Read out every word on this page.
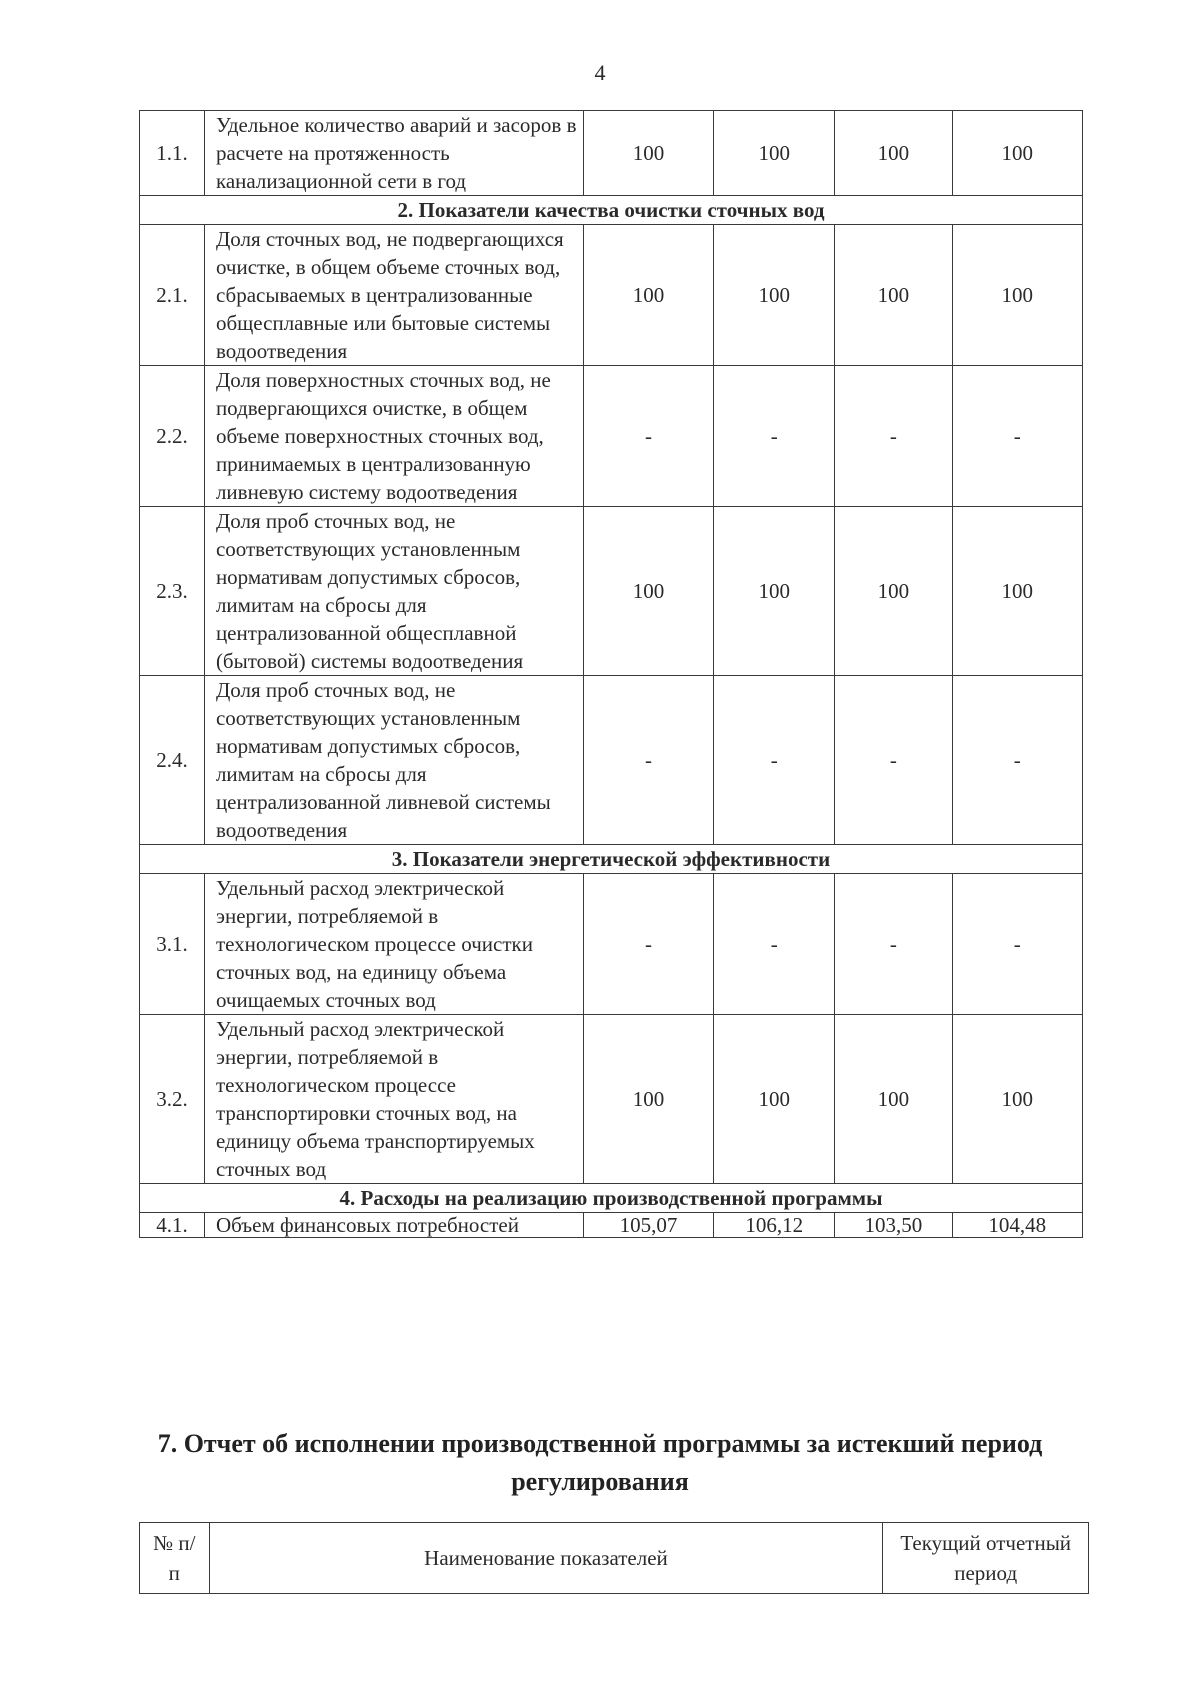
4
1.1.	Удельное количество аварий и засоров в расчете на протяженность канализационной сети в год	100	100	100	100
2. Показатели качества очистки сточных вод					
2.1.	Доля сточных вод, не подвергающихся очистке, в общем объеме сточных вод, сбрасываемых в централизованные общесплавные или бытовые системы водоотведения	100	100	100	100
2.2.	Доля поверхностных сточных вод, не подвергающихся очистке, в общем объеме поверхностных сточных вод, принимаемых в централизованную ливневую систему водоотведения	-	-	-	-
2.3.	Доля проб сточных вод, не соответствующих установленным нормативам допустимых сбросов, лимитам на сбросы для централизованной общесплавной (бытовой) системы водоотведения	100	100	100	100
2.4.	Доля проб сточных вод, не соответствующих установленным нормативам допустимых сбросов, лимитам на сбросы для централизованной ливневой системы водоотведения	-	-	-	-
3. Показатели энергетической эффективности					
3.1.	Удельный расход электрической энергии, потребляемой в технологическом процессе очистки сточных вод, на единицу объема очищаемых сточных вод	-	-	-	-
3.2.	Удельный расход электрической энергии, потребляемой в технологическом процессе транспортировки сточных вод, на единицу объема транспортируемых сточных вод	100	100	100	100
4. Расходы на реализацию производственной программы					
4.1.	Объем финансовых потребностей	105,07	106,12	103,50	104,48
7. Отчет об исполнении производственной программы за истекший период регулирования
№ п/п	Наименование показателей	Текущий отчетный период
